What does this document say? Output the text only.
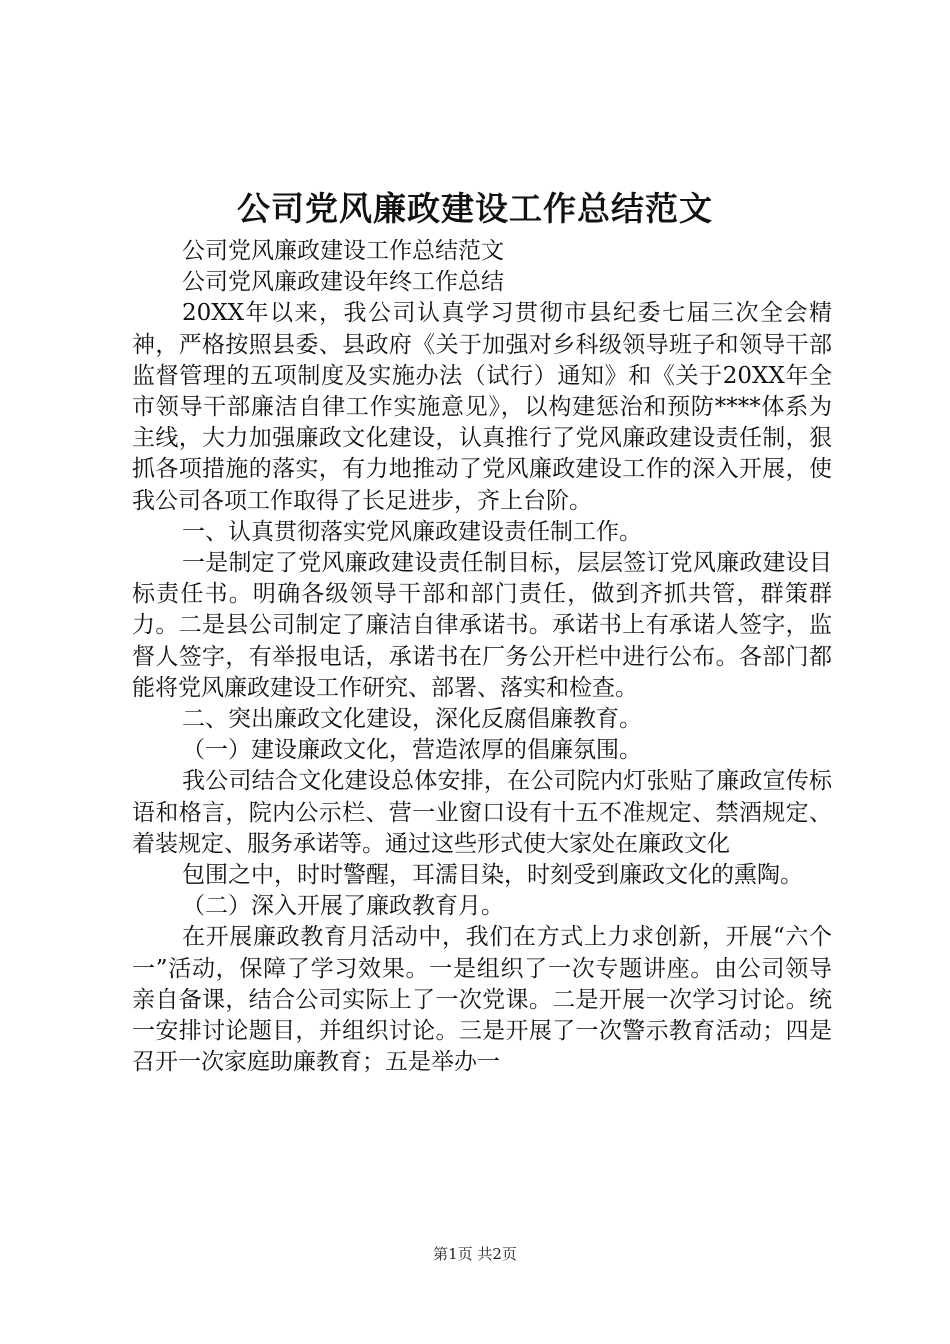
公司党风廉政建设工作总结范文

公司党风廉政建设工作总结范文

公司党风廉政建设年终工作总结

20XX年以来，我公司认真学习贯彻市县纪委七届三次全会精神，严格按照县委、县政府《关于加强对乡科级领导班子和领导干部监督管理的五项制度及实施办法（试行）通知》和《关于20XX年全市领导干部廉洁自律工作实施意见》，以构建惩治和预防****体系为主线，大力加强廉政文化建设，认真推行了党风廉政建设责任制，狠抓各项措施的落实，有力地推动了党风廉政建设工作的深入开展，使我公司各项工作取得了长足进步，齐上台阶。

一、认真贯彻落实党风廉政建设责任制工作。

一是制定了党风廉政建设责任制目标，层层签订党风廉政建设目标责任书。明确各级领导干部和部门责任，做到齐抓共管，群策群力。二是县公司制定了廉洁自律承诺书。承诺书上有承诺人签字，监督人签字，有举报电话，承诺书在厂务公开栏中进行公布。各部门都能将党风廉政建设工作研究、部署、落实和检查。

二、突出廉政文化建设，深化反腐倡廉教育。

（一）建设廉政文化，营造浓厚的倡廉氛围。

我公司结合文化建设总体安排，在公司院内灯张贴了廉政宣传标语和格言，院内公示栏、营一业窗口设有十五不准规定、禁酒规定、着装规定、服务承诺等。通过这些形式使大家处在廉政文化

包围之中，时时警醒，耳濡目染，时刻受到廉政文化的熏陶。

（二）深入开展了廉政教育月。

在开展廉政教育月活动中，我们在方式上力求创新，开展“六个一”活动，保障了学习效果。一是组织了一次专题讲座。由公司领导亲自备课，结合公司实际上了一次党课。二是开展一次学习讨论。统一安排讨论题目，并组织讨论。三是开展了一次警示教育活动；四是召开一次家庭助廉教育；五是举办一

第1页 共2页
